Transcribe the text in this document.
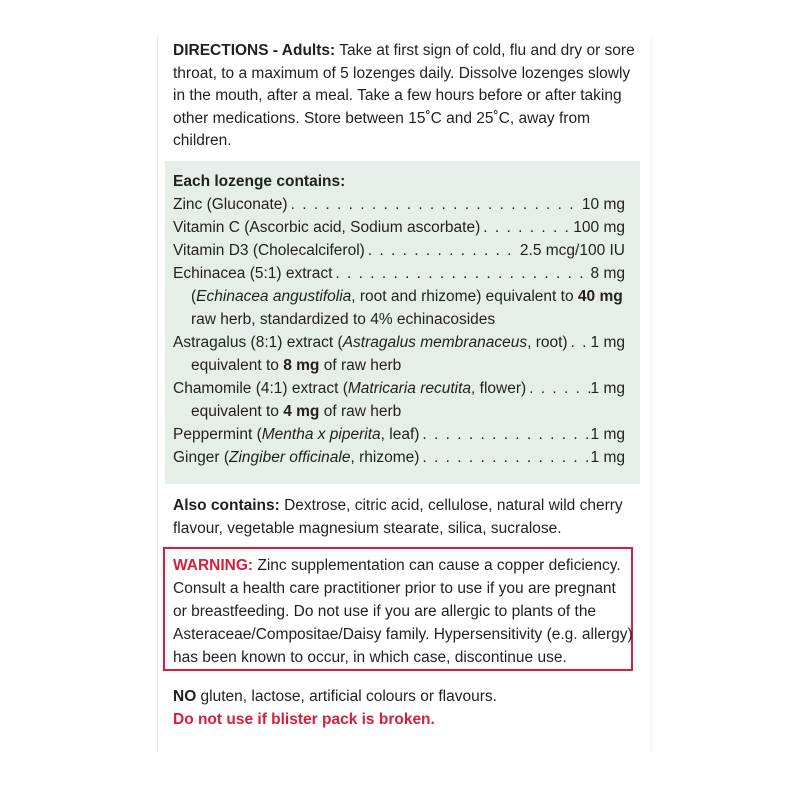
DIRECTIONS - Adults: Take at first sign of cold, flu and dry or sore throat, to a maximum of 5 lozenges daily. Dissolve lozenges slowly in the mouth, after a meal. Take a few hours before or after taking other medications. Store between 15˚C and 25˚C, away from children.
Each lozenge contains:
Zinc (Gluconate) . . .	10 mg
Vitamin C (Ascorbic acid, Sodium ascorbate) . . .	100 mg
Vitamin D3 (Cholecalciferol) . . .	2.5 mcg/100 IU
Echinacea (5:1) extract . . .	8 mg
(Echinacea angustifolia, root and rhizome) equivalent to 40 mg
raw herb, standardized to 4% echinacosides
Astragalus (8:1) extract (Astragalus membranaceus, root) . . . 1 mg
equivalent to 8 mg of raw herb
Chamomile (4:1) extract (Matricaria recutita, flower) . . .	1 mg
equivalent to 4 mg of raw herb
Peppermint (Mentha x piperita, leaf) . . .	1 mg
Ginger (Zingiber officinale, rhizome) . . .	1 mg
Also contains: Dextrose, citric acid, cellulose, natural wild cherry flavour, vegetable magnesium stearate, silica, sucralose.
WARNING: Zinc supplementation can cause a copper deficiency. Consult a health care practitioner prior to use if you are pregnant or breastfeeding. Do not use if you are allergic to plants of the Asteraceae/Compositae/Daisy family. Hypersensitivity (e.g. allergy) has been known to occur, in which case, discontinue use.
NO gluten, lactose, artificial colours or flavours.
Do not use if blister pack is broken.
